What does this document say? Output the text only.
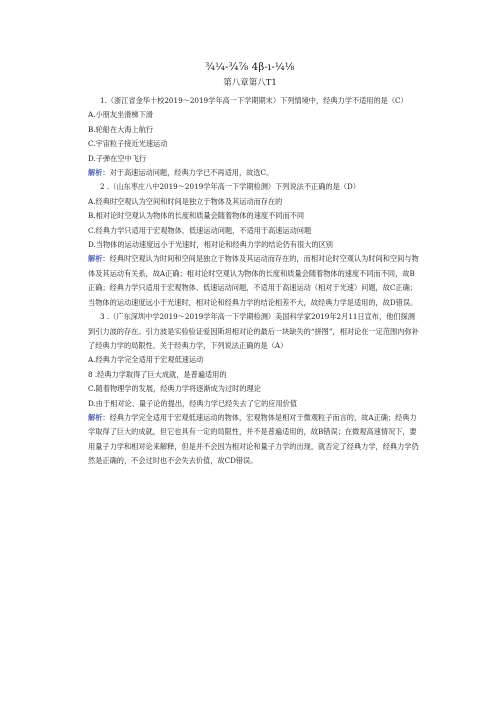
¾¼-¾⅞ 4β-ı-¼⅛
第八章第八T1

1.（浙江省金华十校2019～2019学年高一下学期期末）下列情境中，经典力学不适用的是（C）

A.小朋友坐滑梯下滑

B.轮船在大海上航行

C.宇宙粒子接近光速运动

D.子弹在空中飞行

解析：对于高速运动问题，经典力学已不再适用，故选C。

2 .（山东枣庄八中2019～2019学年高一下学期检测）下列说法不正确的是（D）

A.经典时空观认为空间和时间是独立于物体及其运动而存在的

B.相对论时空观认为物体的长度和质量会随着物体的速度不同而不同

C.经典力学只适用于宏观物体、低速运动问题，不适用于高速运动问题

D.当物体的运动速度远小于光速时，相对论和经典力学的结论仍有很大的区别

解析：经典时空观认为时间和空间是独立于物体及其运动而存在的，而相对论时空观认为时间和空间与物体及其运动有关系，故A正确；相对论时空观认为物体的长度和质量会随着物体的速度不同而不同，故B正确；经典力学只适用于宏观物体、低速运动问题，不适用于高速运动（相对于光速）问题，故C正确；当物体的运动速度远小于光速时，相对论和经典力学的结论相差不大，故经典力学是适用的，故D错误。

3 .（广东深圳中学2019～2019学年高一下学期检测）美国科学家2019年2月11日宣布，他们探测到引力波的存在。引力波是实验验证爱因斯坦相对论的最后一块缺失的“拼图”，相对论在一定范围内弥补了经典力学的局限性。关于经典力学，下列说法正确的是（A）

A.经典力学完全适用于宏观低速运动

8 .经典力学取得了巨大成就，是普遍适用的

C.随着物理学的发展，经典力学将逐渐成为过时的理论

D.由于相对论、量子论的提出，经典力学已经失去了它的应用价值

解析：经典力学完全适用于宏观低速运动的物体，宏观物体是相对于微观粒子而言的，故A正确；经典力学取得了巨大的成就，但它也具有一定的局限性，并不是普遍适用的，故B错误；在微观高速情况下，要用量子力学和相对论来解释，但是并不会因为相对论和量子力学的出现，就否定了经典力学，经典力学仍然是正确的，不会过时也不会失去价值，故CD错误。
